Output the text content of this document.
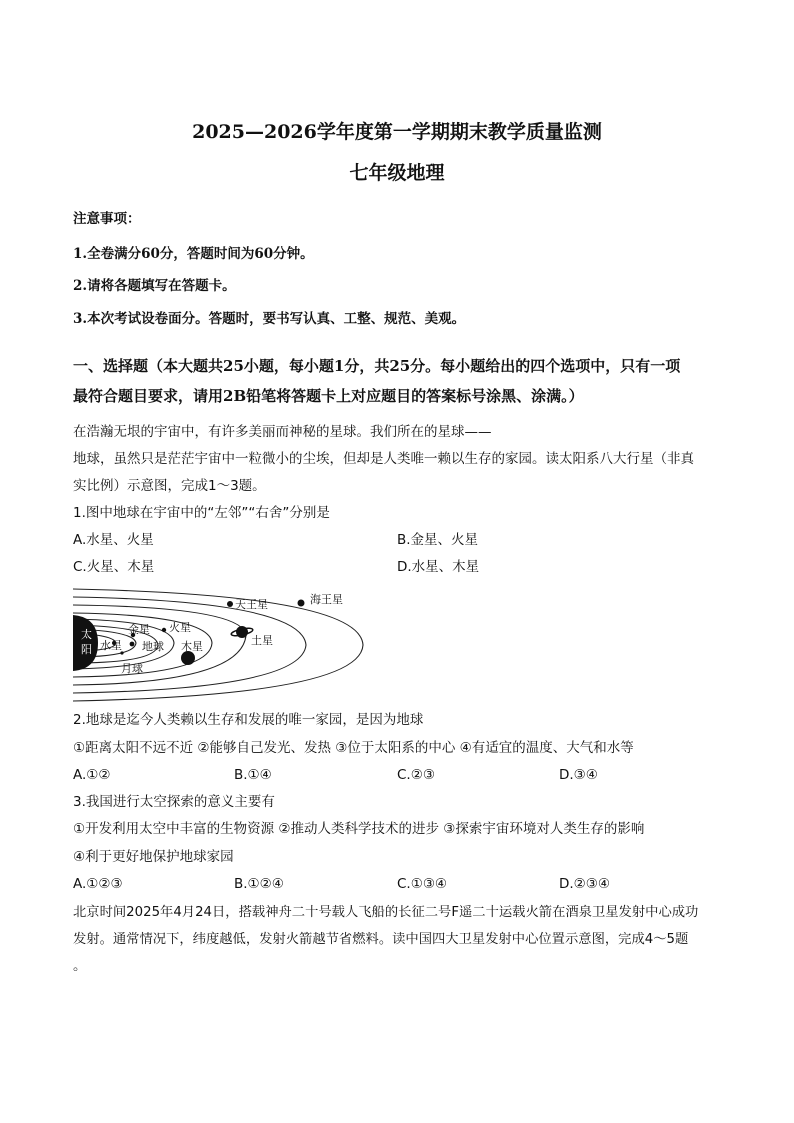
2025—2026学年度第一学期期末教学质量监测
七年级地理
注意事项：
1.全卷满分60分，答题时间为60分钟。
2.请将各题填写在答题卡。
3.本次考试设卷面分。答题时，要书写认真、工整、规范、美观。
一、选择题（本大题共25小题，每小题1分，共25分。每小题给出的四个选项中，只有一项
最符合题目要求，请用2B铅笔将答题卡上对应题目的答案标号涂黑、涂满。）
在浩瀚无垠的宇宙中，有许多美丽而神秘的星球。我们所在的星球——
地球，虽然只是茫茫宇宙中一粒微小的尘埃，但却是人类唯一赖以生存的家园。读太阳系八大行星（非真
实比例）示意图，完成1～3题。
1.图中地球在宇宙中的“左邻”“右舍”分别是
A.水星、火星	B.金星、火星
C.火星、木星	D.水星、木星
太
阳 水星
金星
地球
月球
火星
木星	土星
天王星	海王星
2.地球是迄今人类赖以生存和发展的唯一家园，是因为地球
①距离太阳不远不近 ②能够自己发光、发热 ③位于太阳系的中心 ④有适宜的温度、大气和水等
A.①②	B.①④	C.②③	D.③④
3.我国进行太空探索的意义主要有
①开发利用太空中丰富的生物资源 ②推动人类科学技术的进步 ③探索宇宙环境对人类生存的影响
④利于更好地保护地球家园
A.①②③	B.①②④	C.①③④	D.②③④
北京时间2025年4月24日，搭载神舟二十号载人飞船的长征二号F遥二十运载火箭在酒泉卫星发射中心成功
发射。通常情况下，纬度越低，发射火箭越节省燃料。读中国四大卫星发射中心位置示意图，完成4～5题
。
